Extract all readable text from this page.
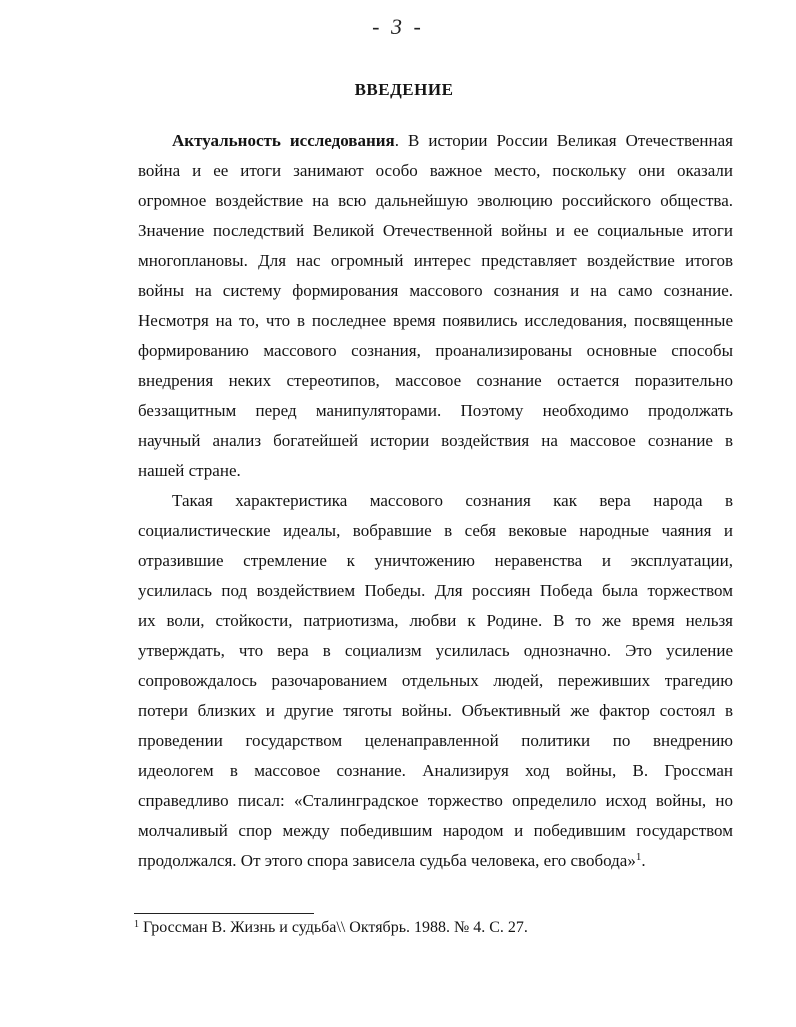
- 3 -
ВВЕДЕНИЕ
Актуальность исследования. В истории России Великая Отечественная
война и ее итоги занимают особо важное место, поскольку они оказали
огромное воздействие на всю дальнейшую эволюцию российского общества.
Значение последствий Великой Отечественной войны и ее социальные итоги
многоплановы. Для нас огромный интерес представляет воздействие итогов
войны на систему формирования массового сознания и на само сознание.
Несмотря на то, что в последнее время появились исследования, посвященные
формированию массового сознания, проанализированы основные способы
внедрения неких стереотипов, массовое сознание остается поразительно
беззащитным перед манипуляторами. Поэтому необходимо продолжать
научный анализ богатейшей истории воздействия на массовое сознание в
нашей стране.
Такая характеристика массового сознания как вера народа в
социалистические идеалы, вобравшие в себя вековые народные чаяния и
отразившие стремление к уничтожению неравенства и эксплуатации,
усилилась под воздействием Победы. Для россиян Победа была торжеством
их воли, стойкости, патриотизма, любви к Родине. В то же время нельзя
утверждать, что вера в социализм усилилась однозначно. Это усиление
сопровождалось разочарованием отдельных людей, переживших трагедию
потери близких и другие тяготы войны. Объективный же фактор состоял в
проведении государством целенаправленной политики по внедрению
идеологем в массовое сознание. Анализируя ход войны, В. Гроссман
справедливо писал: «Сталинградское торжество определило исход войны, но
молчаливый спор между победившим народом и победившим государством
продолжался. От этого спора зависела судьба человека, его свобода»$^1$.
$^1$ Гроссман В. Жизнь и судьба\\ Октябрь. 1988. № 4. С. 27.
